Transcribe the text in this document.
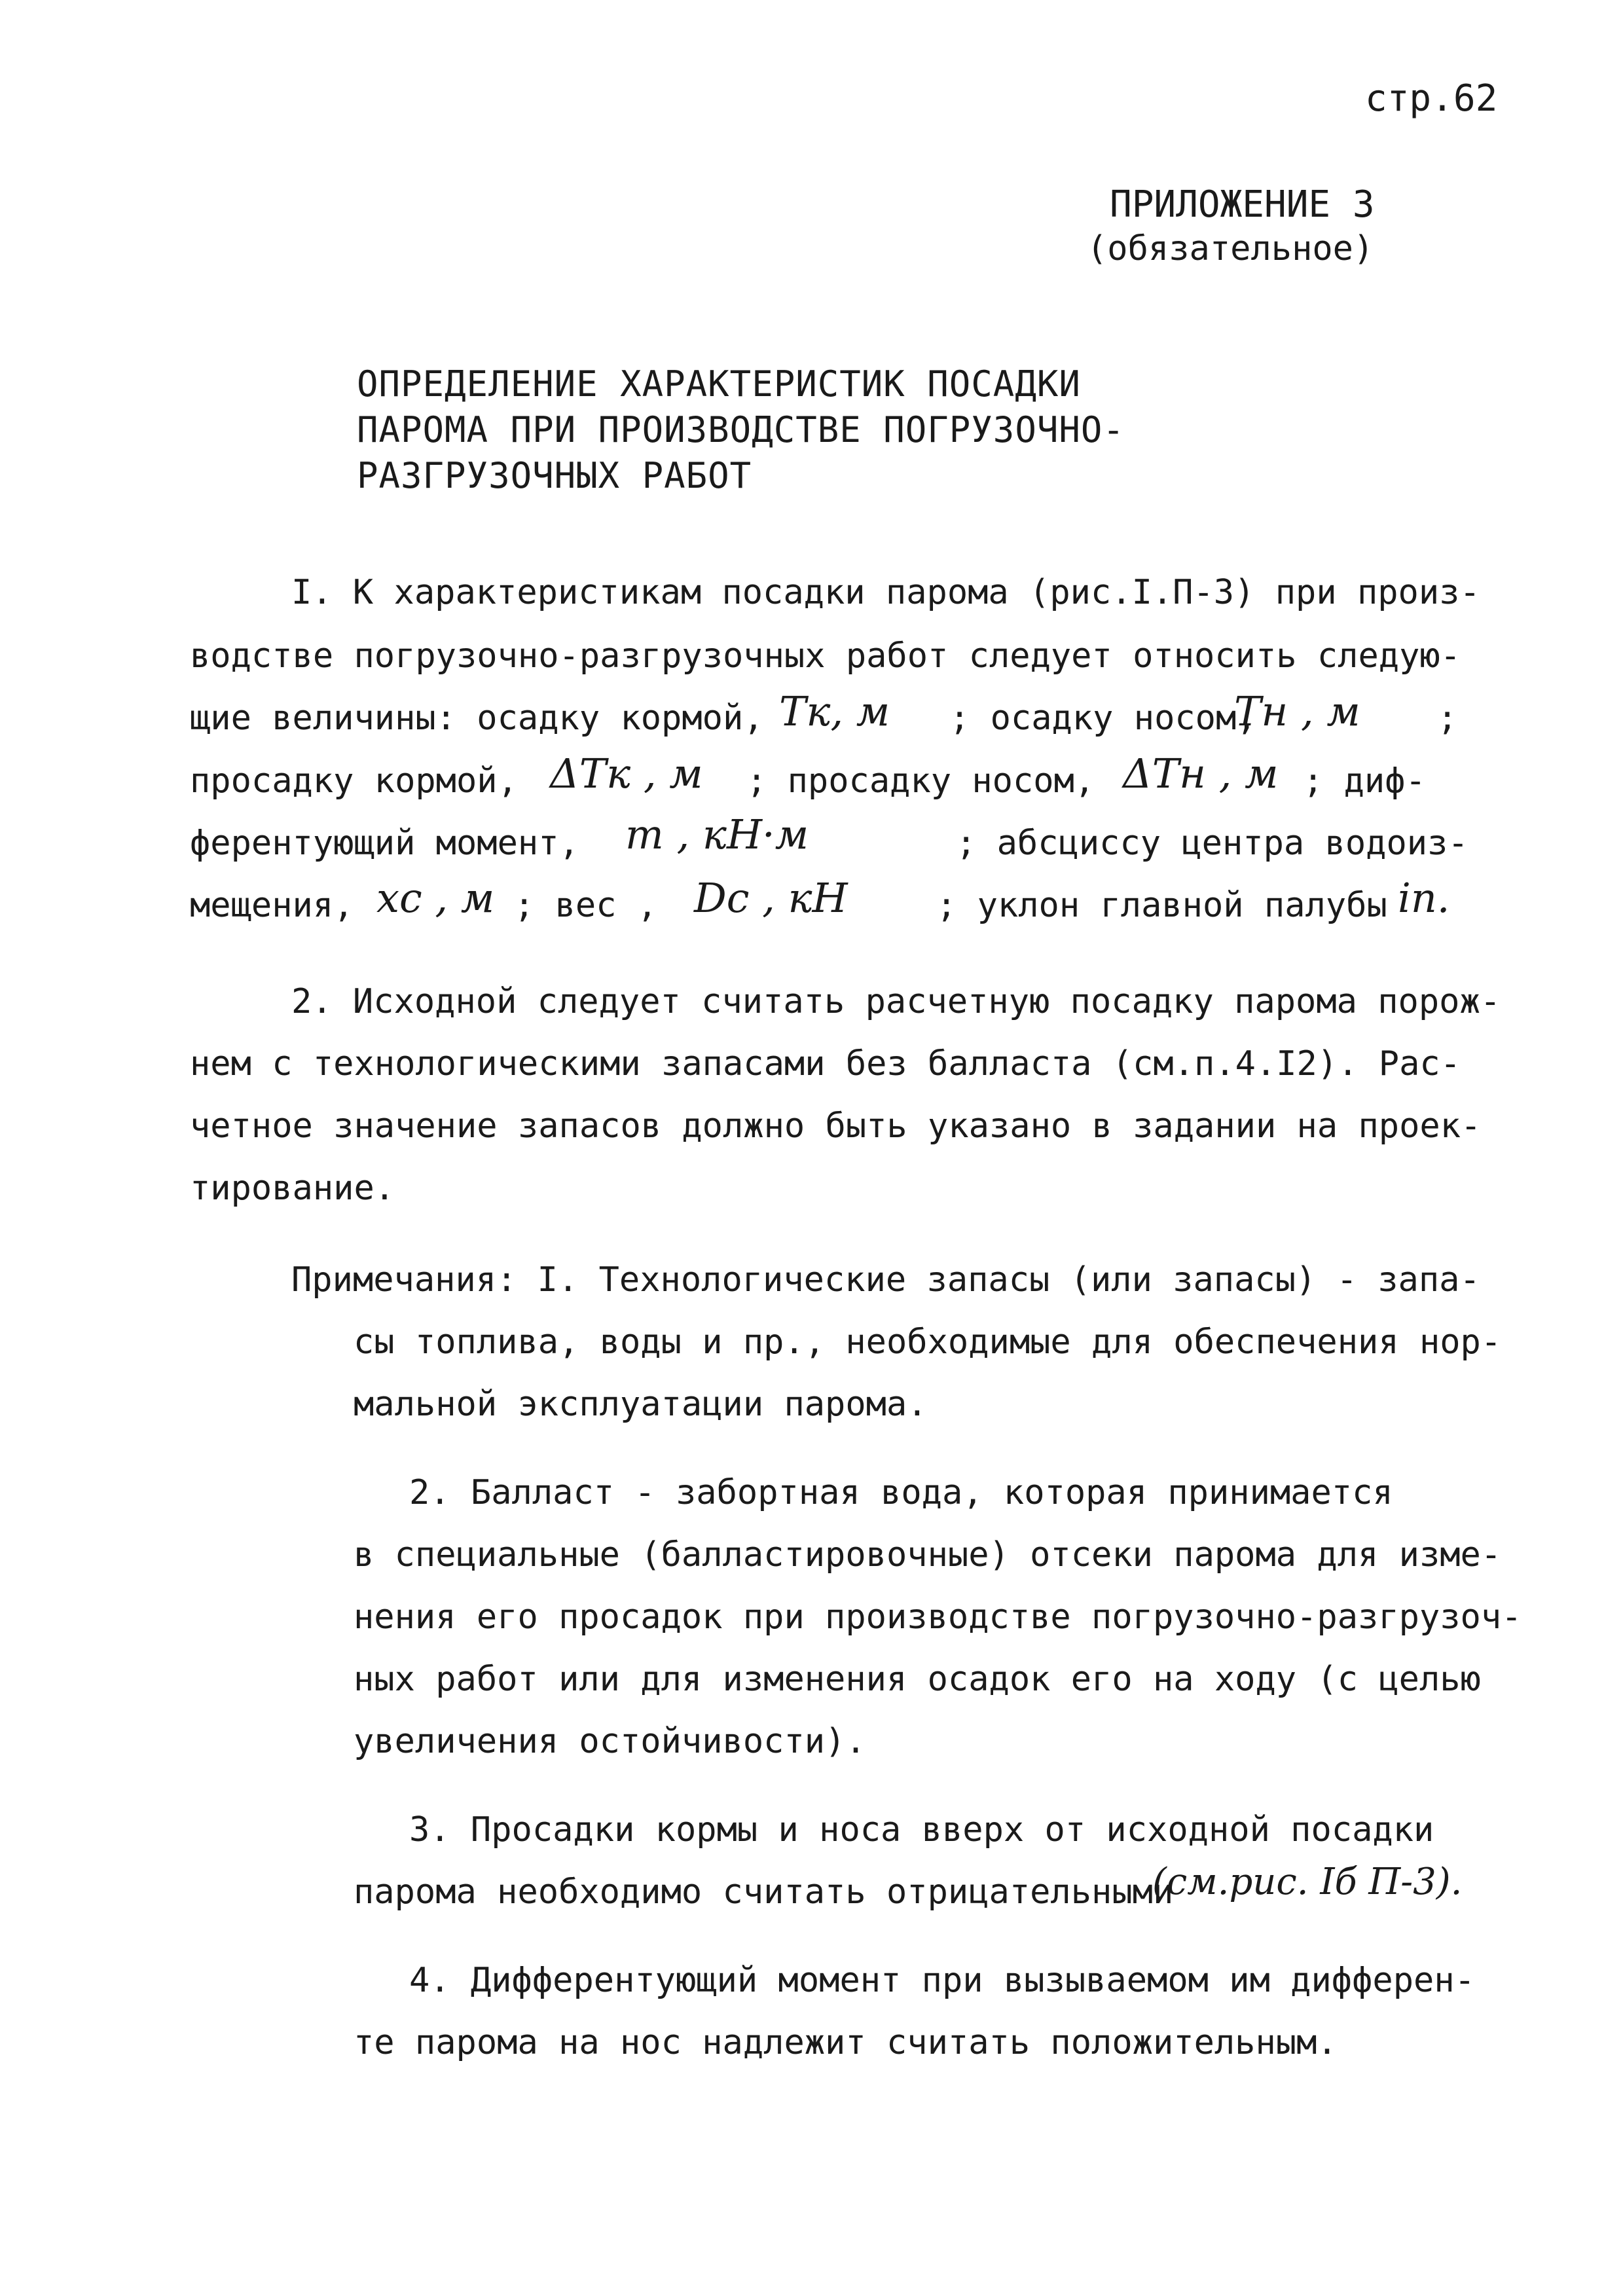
стр.62
ПРИЛОЖЕНИЕ 3
(обязательное)
ОПРЕДЕЛЕНИЕ ХАРАКТЕРИСТИК ПОСАДКИ
ПАРОМА ПРИ ПРОИЗВОДСТВЕ ПОГРУЗОЧНО-
РАЗГРУЗОЧНЫХ РАБОТ
I. К характеристикам посадки парома (рис.I.П-3) при произ-
водстве погрузочно-разгрузочных работ следует относить следую-
щие величины: осадку кормой, Tк, м ; осадку носом,
Tн , м ;
просадку кормой, ΔTк , м ; просадку носом, ΔTн , м ; диф-
ферентующий момент, m , кН·м	; абсциссу центра водоиз-
мещения, xc , м ; вес , Dc , кН	; уклон главной палубы iп.
2. Исходной следует считать расчетную посадку парома порож-
нем с технологическими запасами без балласта (см.п.4.I2). Рас-
четное значение запасов должно быть указано в задании на проек-
тирование.
Примечания: I. Технологические запасы (или запасы) - запа-
сы топлива, воды и пр., необходимые для обеспечения нор-
мальной эксплуатации парома.
2. Балласт - забортная вода, которая принимается
в специальные (балластировочные) отсеки парома для изме-
нения его просадок при производстве погрузочно-разгрузоч-
ных работ или для изменения осадок его на ходу (с целью
увеличения остойчивости).
3. Просадки кормы и носа вверх от исходной посадки
парома необходимо считать отрицательными
(см.рис. Iб П-3).
4. Дифферентующий момент при вызываемом им дифферен-
те парома на нос надлежит считать положительным.
